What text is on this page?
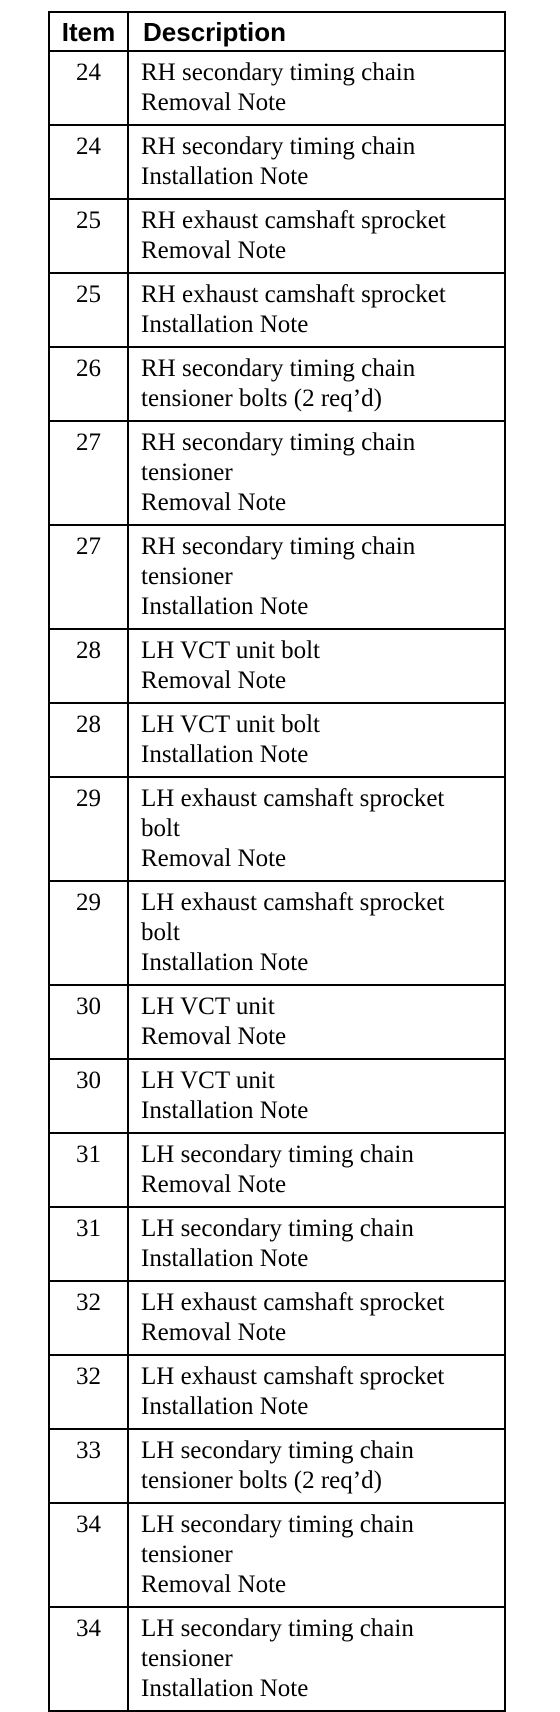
Item	Description
24	RH secondary timing chain
Removal Note

24	RH secondary timing chain
Installation Note

25	RH exhaust camshaft sprocket
Removal Note

25	RH exhaust camshaft sprocket
Installation Note

26	RH secondary timing chain
tensioner bolts (2 req’d)

27	RH secondary timing chain
tensioner
Removal Note

27	RH secondary timing chain
tensioner
Installation Note

28	LH VCT unit bolt
Removal Note

28	LH VCT unit bolt
Installation Note

29	LH exhaust camshaft sprocket
bolt
Removal Note

29	LH exhaust camshaft sprocket
bolt
Installation Note

30	LH VCT unit
Removal Note

30	LH VCT unit
Installation Note

31	LH secondary timing chain
Removal Note

31	LH secondary timing chain
Installation Note

32	LH exhaust camshaft sprocket
Removal Note

32	LH exhaust camshaft sprocket
Installation Note

33	LH secondary timing chain
tensioner bolts (2 req’d)

34	LH secondary timing chain
tensioner
Removal Note

34	LH secondary timing chain
tensioner
Installation Note
